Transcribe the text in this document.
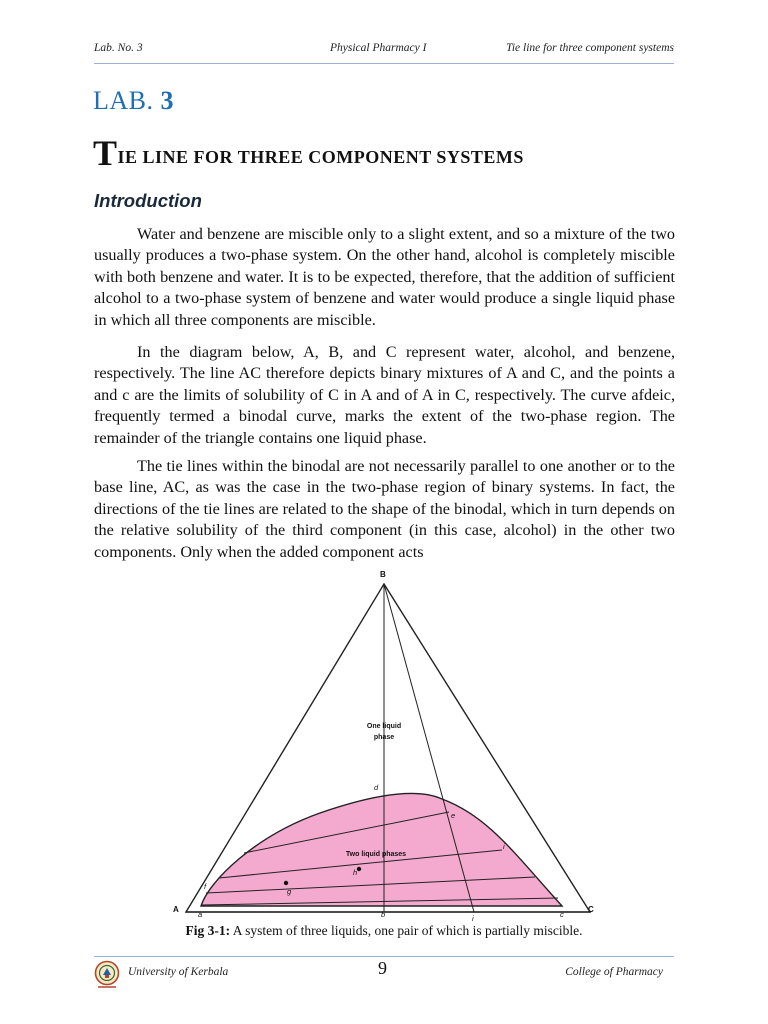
Lab. No. 3	Physical Pharmacy I	Tie line for three component systems
LAB. 3
TIE LINE FOR THREE COMPONENT SYSTEMS
Introduction

Water and benzene are miscible only to a slight extent, and so a mixture of the two usually produces a two-phase system. On the other hand, alcohol is completely miscible with both benzene and water. It is to be expected, therefore, that the addition of sufficient alcohol to a two-phase system of benzene and water would produce a single liquid phase in which all three components are miscible.

In the diagram below, A, B, and C represent water, alcohol, and benzene, respectively. The line AC therefore depicts binary mixtures of A and C, and the points a and c are the limits of solubility of C in A and of A in C, respectively. The curve afdeic, frequently termed a binodal curve, marks the extent of the two-phase region. The remainder of the triangle contains one liquid phase.

The tie lines within the binodal are not necessarily parallel to one another or to the base line, AC, as was the case in the two-phase region of binary systems. In fact, the directions of the tie lines are related to the shape of the binodal, which in turn depends on the relative solubility of the third component (in this case, alcohol) in the other two components. Only when the added component acts

B
A	C
a	b	c
i
d
e
i
f
g
h
One liquid
phase
Two liquid phases
Fig 3-1: A system of three liquids, one pair of which is partially miscible.
University of Kerbala	9	College of Pharmacy
